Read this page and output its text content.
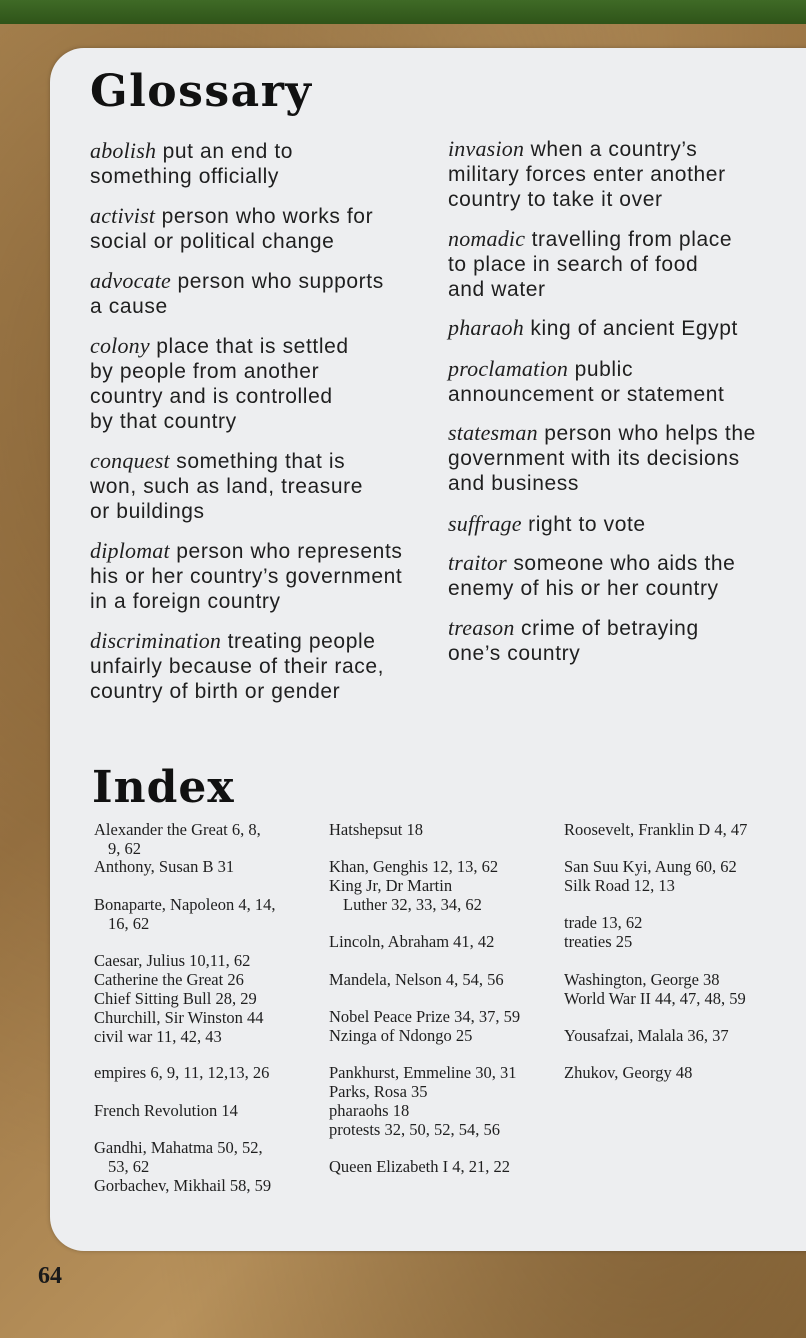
Glossary
abolish put an end to
something officially
activist person who works for
social or political change
advocate person who supports
a cause
colony place that is settled
by people from another
country and is controlled
by that country
conquest something that is
won, such as land, treasure
or buildings
diplomat person who represents
his or her country’s government
in a foreign country
discrimination treating people
unfairly because of their race,
country of birth or gender
invasion when a country’s
military forces enter another
country to take it over
nomadic travelling from place
to place in search of food
and water
pharaoh king of ancient Egypt
proclamation public
announcement or statement
statesman person who helps the
government with its decisions
and business
suffrage right to vote
traitor someone who aids the
enemy of his or her country
treason crime of betraying
one’s country
Index
Alexander the Great 6, 8,
9, 62
Anthony, Susan B 31
Bonaparte, Napoleon 4, 14,
16, 62
Caesar, Julius 10,11, 62
Catherine the Great 26
Chief Sitting Bull 28, 29
Churchill, Sir Winston 44
civil war 11, 42, 43
empires 6, 9, 11, 12,13, 26
French Revolution 14
Gandhi, Mahatma 50, 52,
53, 62
Gorbachev, Mikhail 58, 59
Hatshepsut 18
Khan, Genghis 12, 13, 62
King Jr, Dr Martin
Luther 32, 33, 34, 62
Lincoln, Abraham 41, 42
Mandela, Nelson 4, 54, 56
Nobel Peace Prize 34, 37, 59
Nzinga of Ndongo 25
Pankhurst, Emmeline 30, 31
Parks, Rosa 35
pharaohs 18
protests 32, 50, 52, 54, 56
Queen Elizabeth I 4, 21, 22
Roosevelt, Franklin D 4, 47
San Suu Kyi, Aung 60, 62
Silk Road 12, 13
trade 13, 62
treaties 25
Washington, George 38
World War II 44, 47, 48, 59
Yousafzai, Malala 36, 37
Zhukov, Georgy 48
64
